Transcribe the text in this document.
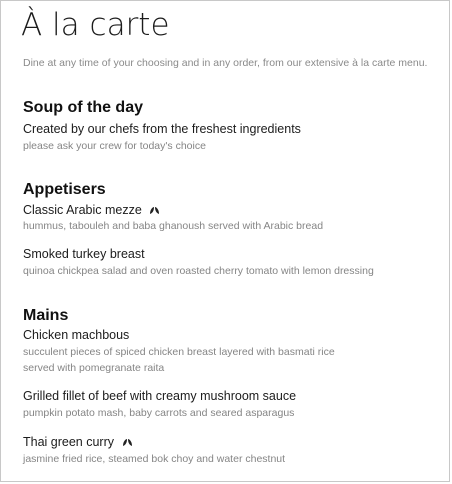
À la carte
Dine at any time of your choosing and in any order, from our extensive à la carte menu.
Soup of the day
Created by our chefs from the freshest ingredients
please ask your crew for today's choice
Appetisers
Classic Arabic mezze
hummus, tabouleh and baba ghanoush served with Arabic bread
Smoked turkey breast
quinoa chickpea salad and oven roasted cherry tomato with lemon dressing
Mains
Chicken machbous
succulent pieces of spiced chicken breast layered with basmati rice
served with pomegranate raita
Grilled fillet of beef with creamy mushroom sauce
pumpkin potato mash, baby carrots and seared asparagus
Thai green curry
jasmine fried rice, steamed bok choy and water chestnut
